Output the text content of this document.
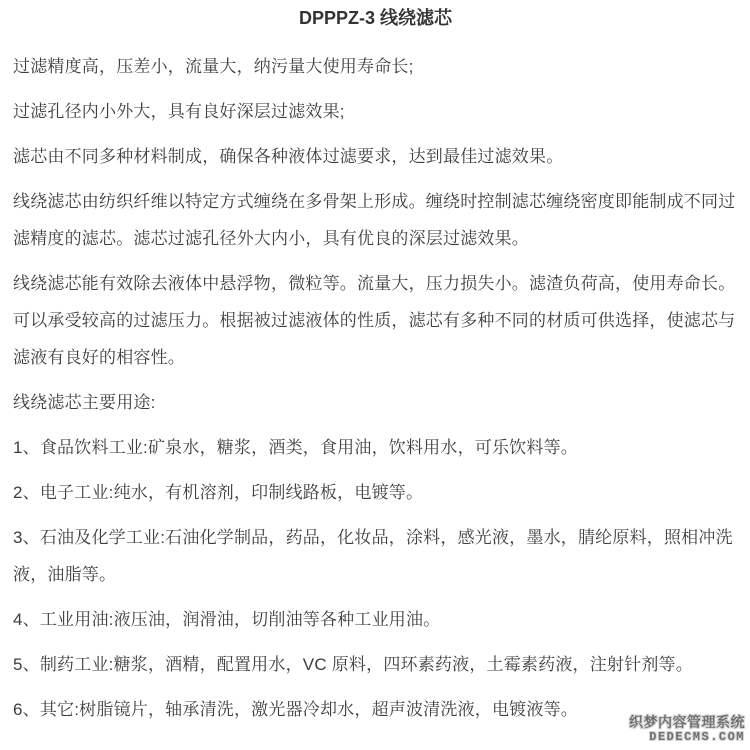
DPPPZ-3 线绕滤芯

过滤精度高，压差小，流量大，纳污量大使用寿命长;

过滤孔径内小外大，具有良好深层过滤效果;

滤芯由不同多种材料制成，确保各种液体过滤要求，达到最佳过滤效果。

线绕滤芯由纺织纤维以特定方式缠绕在多骨架上形成。缠绕时控制滤芯缠绕密度即能制成不同过滤精度的滤芯。滤芯过滤孔径外大内小，具有优良的深层过滤效果。

线绕滤芯能有效除去液体中悬浮物，微粒等。流量大，压力损失小。滤渣负荷高，使用寿命长。可以承受较高的过滤压力。根据被过滤液体的性质，滤芯有多种不同的材质可供选择，使滤芯与滤液有良好的相容性。

线绕滤芯主要用途:

1、食品饮料工业:矿泉水，糖浆，酒类，食用油，饮料用水，可乐饮料等。

2、电子工业:纯水，有机溶剂，印制线路板，电镀等。

3、石油及化学工业:石油化学制品，药品，化妆品，涂料，感光液，墨水，腈纶原料，照相冲洗液，油脂等。

4、工业用油:液压油，润滑油，切削油等各种工业用油。

5、制药工业:糖浆，酒精，配置用水，VC 原料，四环素药液，土霉素药液，注射针剂等。

6、其它:树脂镜片，轴承清洗，激光器冷却水，超声波清洗液，电镀液等。

织梦内容管理系统
DEDECMS.COM
